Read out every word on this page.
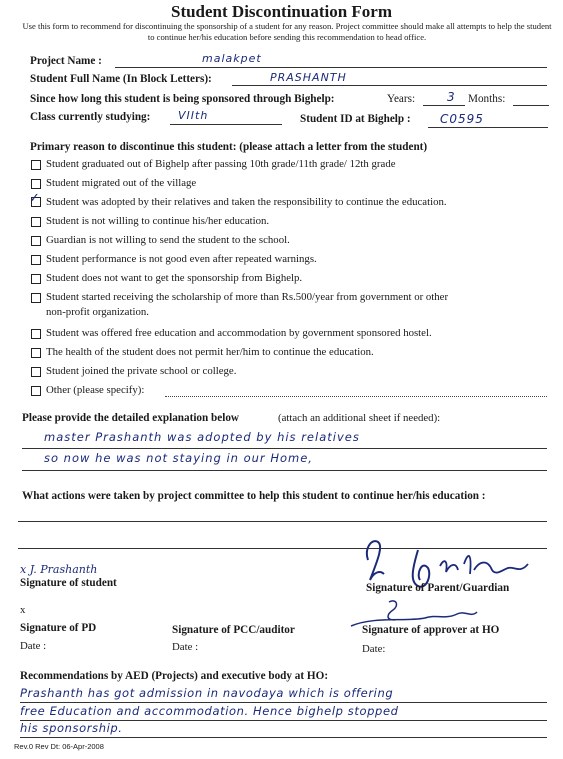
Student Discontinuation Form
Use this form to recommend for discontinuing the sponsorship of a student for any reason. Project committee should make all attempts to help the student to continue her/his education before sending this recommendation to head office.
Project Name :	malakpet
Student Full Name (In Block Letters):	PRASHANTH
Since how long this student is being sponsored through Bighelp:	Years:	3 Months:
Class currently studying:	VIIth	Student ID at Bighelp : C0595
Primary reason to discontinue this student: (please attach a letter from the student)
Student graduated out of Bighelp after passing 10th grade/11th grade/ 12th grade
Student migrated out of the village
✓ Student was adopted by their relatives and taken the responsibility to continue the education.
Student is not willing to continue his/her education.
Guardian is not willing to send the student to the school.
Student performance is not good even after repeated warnings.
Student does not want to get the sponsorship from Bighelp.
Student started receiving the scholarship of more than Rs.500/year from government or other
non-profit organization.
Student was offered free education and accommodation by government sponsored hostel.
The health of the student does not permit her/him to continue the education.
Student joined the private school or college.
Other (please specify):
Please provide the detailed explanation below	(attach an additional sheet if needed):
master Prashanth was adopted by his relatives
so now he was not staying in our Home,
What actions were taken by project committee to help this student to continue her/his education :
x J. Prashanth
Signature of student	Signature of Parent/Guardian
x
Signature of PD	Signature of PCC/auditor	Signature of approver at HO
Date :	Date :	Date:
Recommendations by AED (Projects) and executive body at HO:
Prashanth has got admission in navodaya which is offering
free Education and accommodation. Hence bighelp stopped
his sponsorship.
Rev.0 Rev Dt: 06-Apr-2008
